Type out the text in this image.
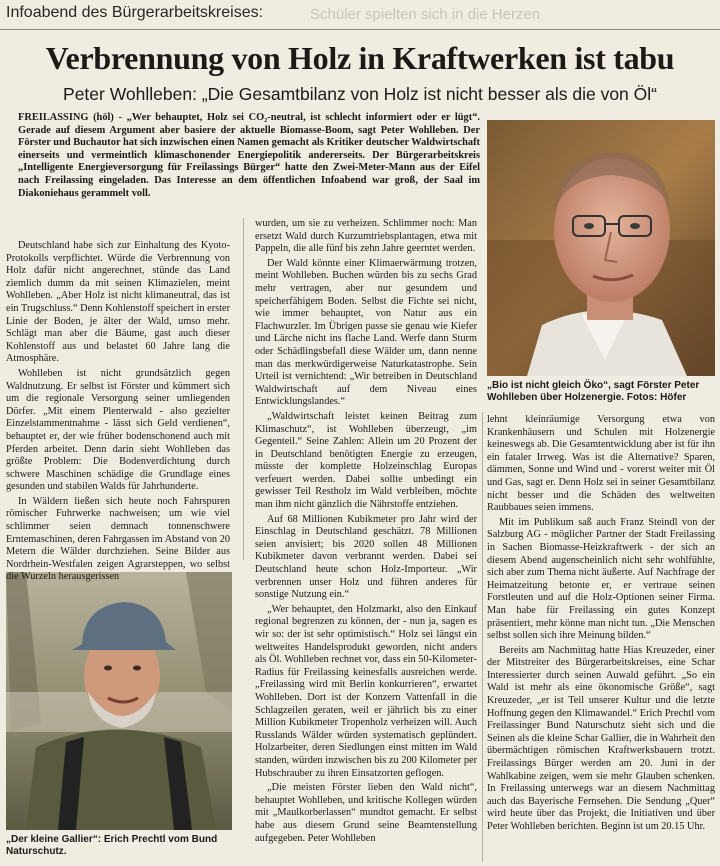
Infoabend des Bürgerarbeitskreises:	Schüler spielten sich in die Herzen
Verbrennung von Holz in Kraftwerken ist tabu
Peter Wohlleben: „Die Gesamtbilanz von Holz ist nicht besser als die von Öl“

FREILASSING (höl) - „Wer behauptet, Holz sei CO₂-neutral, ist schlecht informiert oder er lügt“. Gerade auf diesem Argument aber basiere der aktuelle Biomasse-Boom, sagt Peter Wohlleben. Der Förster und Buchautor hat sich inzwischen einen Namen gemacht als Kritiker deutscher Waldwirtschaft einerseits und vermeintlich klimaschonender Energiepolitik andererseits. Der Bürgerarbeitskreis „Intelligente Energieversorgung für Freilassings Bürger“ hatte den Zwei-Meter-Mann aus der Eifel nach Freilassing eingeladen. Das Interesse an dem öffentlichen Infoabend war groß, der Saal im Diakoniehaus gerammelt voll.

„Bio ist nicht gleich Öko“, sagt Förster Peter Wohlleben über Holzenergie. Fotos: Höfer
„Der kleine Gallier“: Erich Prechtl vom Bund Naturschutz.

Deutschland habe sich zur Einhaltung des Kyoto-Protokolls verpflichtet. Würde die Verbrennung von Holz dafür nicht angerechnet, stünde das Land ziemlich dumm da mit seinen Klimazielen, meint Wohlleben. „Aber Holz ist nicht klimaneutral, das ist ein Trugschluss.“ Denn Kohlenstoff speichert in erster Linie der Boden, je älter der Wald, umso mehr. Schlägt man aber die Bäume, gast auch dieser Kohlenstoff aus und belastet 60 Jahre lang die Atmosphäre.

Wohlleben ist nicht grundsätzlich gegen Waldnutzung. Er selbst ist Förster und kümmert sich um die regionale Versorgung seiner umliegenden Dörfer. „Mit einem Plenterwald - also gezielter Einzelstammentnahme - lässt sich Geld verdienen“, behauptet er, der wie früher bodenschonend auch mit Pferden arbeitet. Denn darin sieht Wohlleben das größte Problem: Die Bodenverdichtung durch schwere Maschinen schädige die Grundlage eines gesunden und stabilen Walds für Jahrhunderte.

In Wäldern ließen sich heute noch Fahrspuren römischer Fuhrwerke nachweisen; um wie viel schlimmer seien demnach tonnenschwere Erntemaschinen, deren Fahrgassen im Abstand von 20 Metern die Wälder durchziehen. Seine Bilder aus Nordrhein-Westfalen zeigen Agrarsteppen, wo selbst die Wurzeln herausgerissen

wurden, um sie zu verheizen. Schlimmer noch: Man ersetzt Wald durch Kurzumtriebsplantagen, etwa mit Pappeln, die alle fünf bis zehn Jahre geerntet werden.

Der Wald könnte einer Klimaerwärmung trotzen, meint Wohlleben. Buchen würden bis zu sechs Grad mehr vertragen, aber nur gesundem und speicherfähigem Boden. Selbst die Fichte sei nicht, wie immer behauptet, von Natur aus ein Flachwurzler. Im Übrigen passe sie genau wie Kiefer und Lärche nicht ins flache Land. Werfe dann Sturm oder Schädlingsbefall diese Wälder um, dann nenne man das merkwürdigerweise Naturkatastrophe. Sein Urteil ist vernichtend: „Wir betreiben in Deutschland Waldwirtschaft auf dem Niveau eines Entwicklungslandes.“

„Waldwirtschaft leistet keinen Beitrag zum Klimaschutz“, ist Wohlleben überzeugt, „im Gegenteil.“ Seine Zahlen: Allein um 20 Prozent der in Deutschland benötigten Energie zu erzeugen, müsste der komplette Holzeinschlag Europas verfeuert werden. Dabei sollte unbedingt ein gewisser Teil Restholz im Wald verbleiben, möchte man ihm nicht gänzlich die Nährstoffe entziehen.

Auf 68 Millionen Kubikmeter pro Jahr wird der Einschlag in Deutschland geschätzt. 78 Millionen seien anvisiert; bis 2020 sollen 48 Millionen Kubikmeter davon verbrannt werden. Dabei sei Deutschland heute schon Holz-Importeur. „Wir verbrennen unser Holz und führen anderes für sonstige Nutzung ein.“

„Wer behauptet, den Holzmarkt, also den Einkauf regional begrenzen zu können, der - nun ja, sagen es wir so: der ist sehr optimistisch.“ Holz sei längst ein weltweites Handelsprodukt geworden, nicht anders als Öl. Wohlleben rechnet vor, dass ein 50-Kilometer-Radius für Freilassing keinesfalls ausreichen werde. „Freilassing wird mit Berlin konkurrieren“, erwartet Wohlleben. Dort ist der Konzern Vattenfall in die Schlagzeilen geraten, weil er jährlich bis zu einer Million Kubikmeter Tropenholz verheizen will. Auch Russlands Wälder würden systematisch geplündert. Holzarbeiter, deren Siedlungen einst mitten im Wald standen, würden inzwischen bis zu 200 Kilometer per Hubschrauber zu ihren Einsatzorten geflogen.

„Die meisten Förster lieben den Wald nicht“, behauptet Wohlleben, und kritische Kollegen würden mit „Maulkorberlassen“ mundtot gemacht. Er selbst habe aus diesem Grund seine Beamtenstellung aufgegeben. Peter Wohlleben

lehnt kleinräumige Versorgung etwa von Krankenhäusern und Schulen mit Holzenergie keineswegs ab. Die Gesamtentwicklung aber ist für ihn ein fataler Irrweg. Was ist die Alternative? Sparen, dämmen, Sonne und Wind und - vorerst weiter mit Öl und Gas, sagt er. Denn Holz sei in seiner Gesamtbilanz nicht besser und die Schäden des weltweiten Raubbaues seien immens.

Mit im Publikum saß auch Franz Steindl von der Salzburg AG - möglicher Partner der Stadt Freilassing in Sachen Biomasse-Heizkraftwerk - der sich an diesem Abend augenscheinlich nicht sehr wohlfühlte, sich aber zum Thema nicht äußerte. Auf Nachfrage der Heimatzeitung betonte er, er vertraue seinen Forstleuten und auf die Holz-Optionen seiner Firma. Man habe für Freilassing ein gutes Konzept präsentiert, mehr könne man nicht tun. „Die Menschen selbst sollen sich ihre Meinung bilden.“

Bereits am Nachmittag hatte Hias Kreuzeder, einer der Mitstreiter des Bürgerarbeitskreises, eine Schar Interessierter durch seinen Auwald geführt. „So ein Wald ist mehr als eine ökonomische Größe“, sagt Kreuzeder, „er ist Teil unserer Kultur und die letzte Hoffnung gegen den Klimawandel.“ Erich Prechtl vom Freilassinger Bund Naturschutz sieht sich und die Seinen als die kleine Schar Gallier, die in Wahrheit den übermächtigen römischen Kraftwerksbauern trotzt. Freilassings Bürger werden am 20. Juni in der Wahlkabine zeigen, wem sie mehr Glauben schenken. In Freilassing unterwegs war an diesem Nachmittag auch das Bayerische Fernsehen. Die Sendung „Quer“ wird heute über das Projekt, die Initiativen und über Peter Wohlleben berichten. Beginn ist um 20.15 Uhr.
